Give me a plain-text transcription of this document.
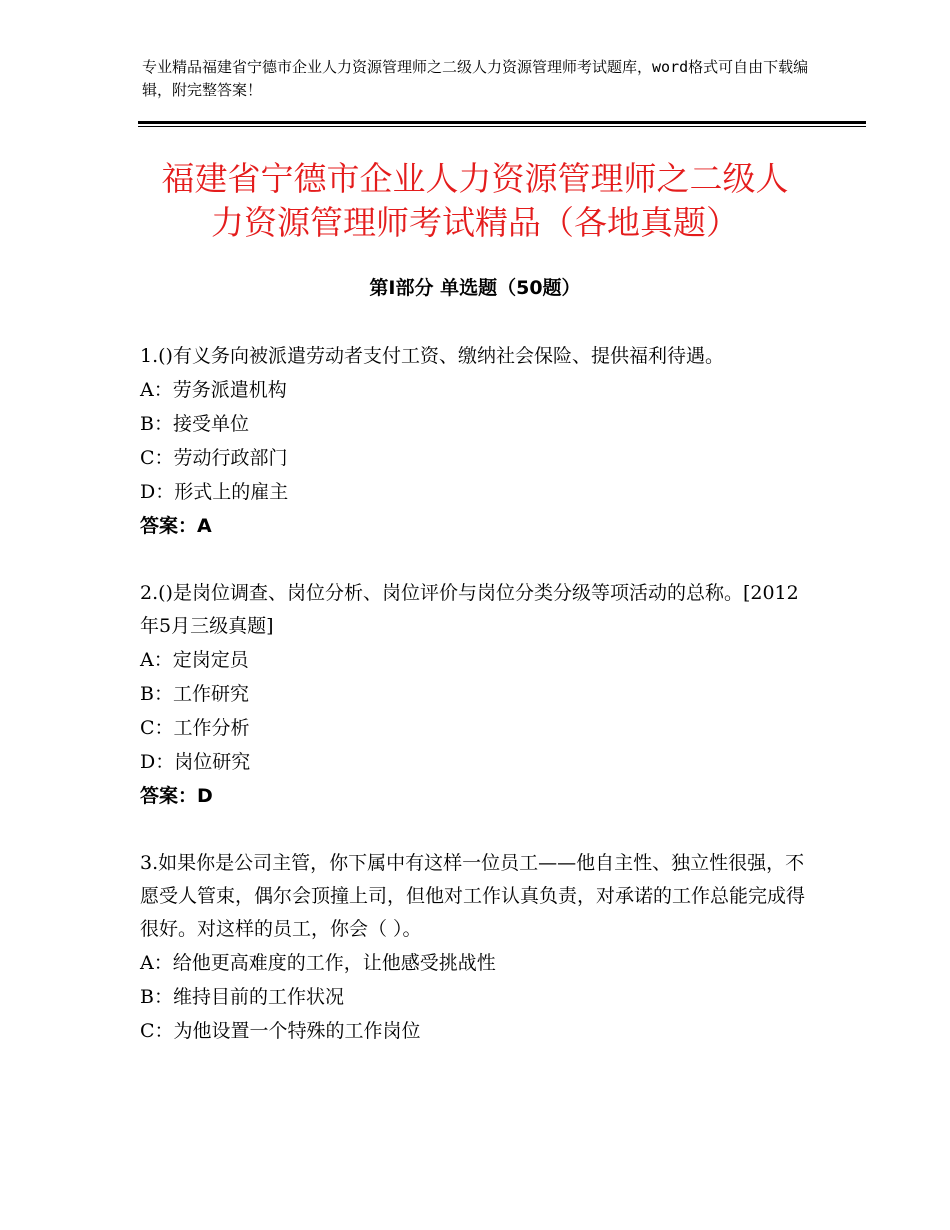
专业精品福建省宁德市企业人力资源管理师之二级人力资源管理师考试题库，word格式可自由下载编辑，附完整答案！
福建省宁德市企业人力资源管理师之二级人
力资源管理师考试精品（各地真题）
第Ⅰ部分 单选题（50题）

1.()有义务向被派遣劳动者支付工资、缴纳社会保险、提供福利待遇。

A：劳务派遣机构

B：接受单位

C：劳动行政部门

D：形式上的雇主

答案：A

2.()是岗位调查、岗位分析、岗位评价与岗位分类分级等项活动的总称。[2012年5月三级真题]

A：定岗定员

B：工作研究

C：工作分析

D：岗位研究

答案：D

3.如果你是公司主管，你下属中有这样一位员工——他自主性、独立性很强，不愿受人管束，偶尔会顶撞上司，但他对工作认真负责，对承诺的工作总能完成得很好。对这样的员工，你会（ ）。

A：给他更高难度的工作，让他感受挑战性

B：维持目前的工作状况

C：为他设置一个特殊的工作岗位
